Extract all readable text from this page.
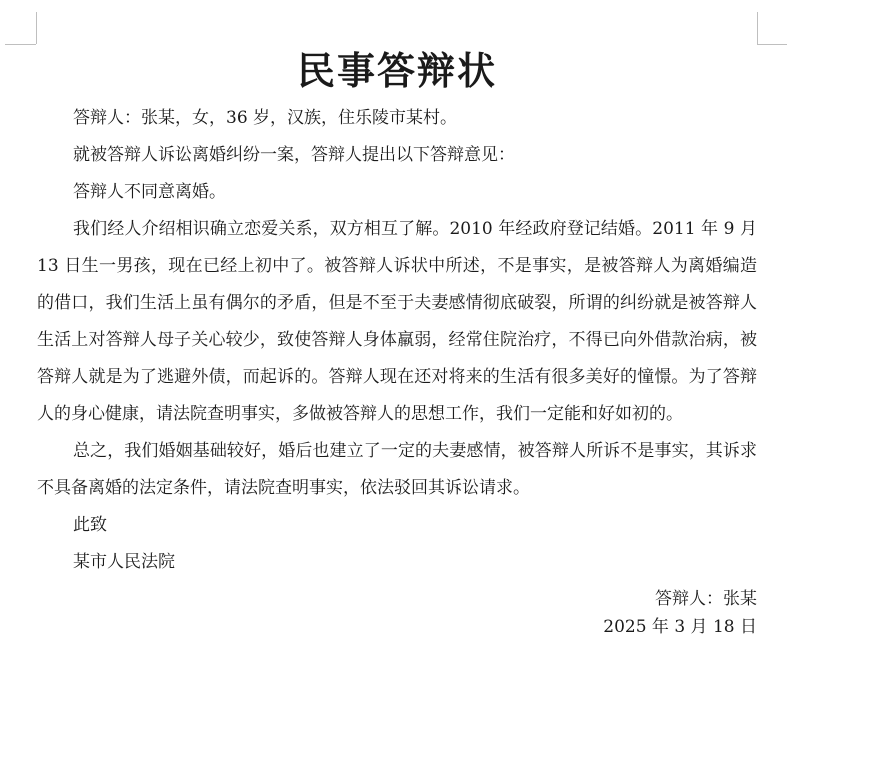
民事答辩状

答辩人：张某，女，36 岁，汉族，住乐陵市某村。

就被答辩人诉讼离婚纠纷一案，答辩人提出以下答辩意见：

答辩人不同意离婚。

我们经人介绍相识确立恋爱关系，双方相互了解。2010 年经政府登记结婚。2011 年 9 月 13 日生一男孩，现在已经上初中了。被答辩人诉状中所述，不是事实，是被答辩人为离婚编造的借口，我们生活上虽有偶尔的矛盾，但是不至于夫妻感情彻底破裂，所谓的纠纷就是被答辩人生活上对答辩人母子关心较少，致使答辩人身体羸弱，经常住院治疗，不得已向外借款治病，被答辩人就是为了逃避外债，而起诉的。答辩人现在还对将来的生活有很多美好的憧憬。为了答辩人的身心健康，请法院查明事实，多做被答辩人的思想工作，我们一定能和好如初的。

总之，我们婚姻基础较好，婚后也建立了一定的夫妻感情，被答辩人所诉不是事实，其诉求不具备离婚的法定条件，请法院查明事实，依法驳回其诉讼请求。

此致

某市人民法院

答辩人：张某

2025 年 3 月 18 日
